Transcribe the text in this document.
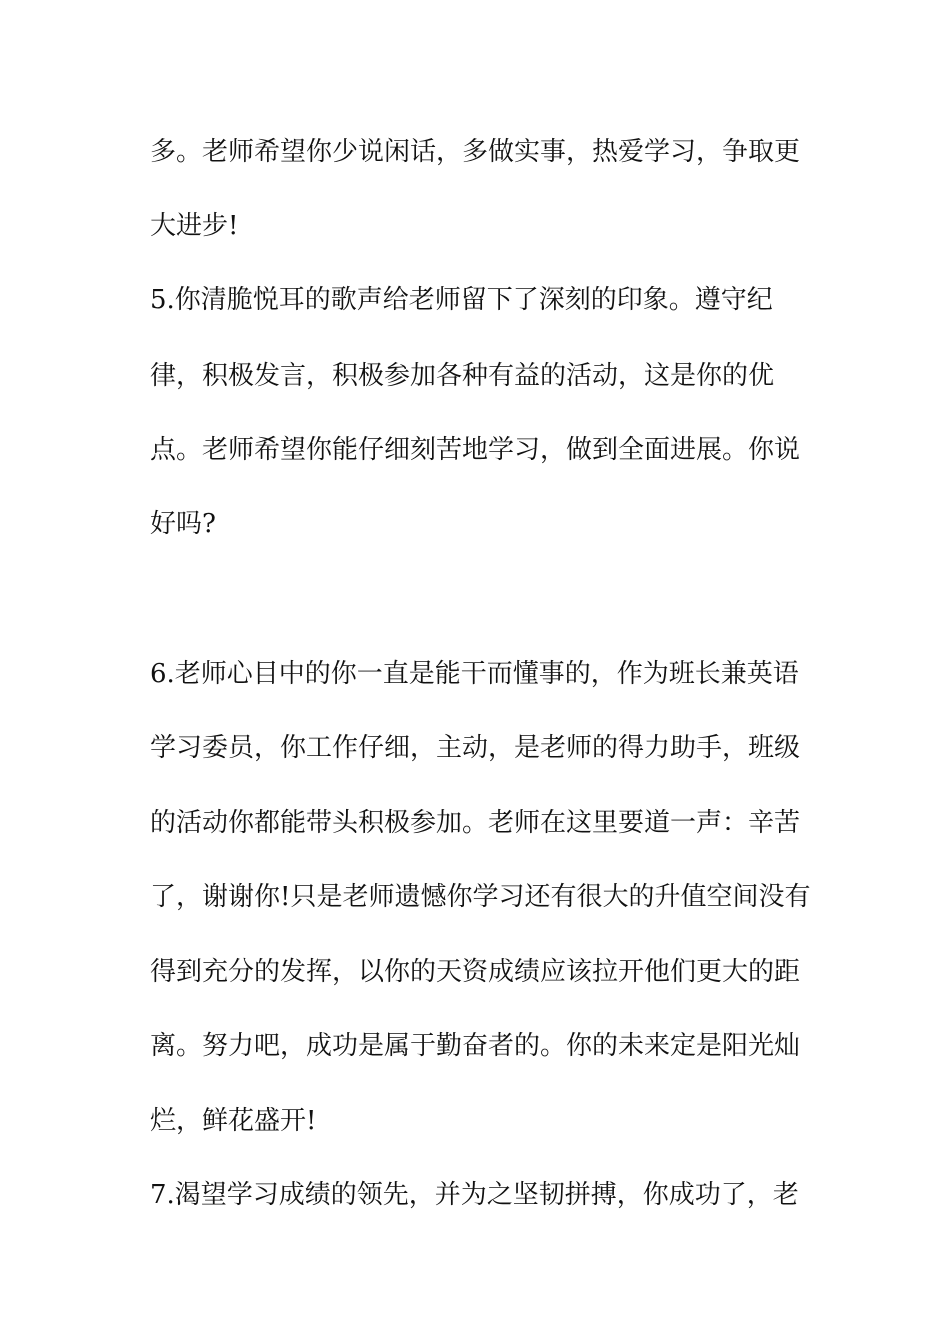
多。老师希望你少说闲话，多做实事，热爱学习，争取更
大进步!
5.你清脆悦耳的歌声给老师留下了深刻的印象。遵守纪
律，积极发言，积极参加各种有益的活动，这是你的优
点。老师希望你能仔细刻苦地学习，做到全面进展。你说
好吗?
6.老师心目中的你一直是能干而懂事的，作为班长兼英语
学习委员，你工作仔细，主动，是老师的得力助手，班级
的活动你都能带头积极参加。老师在这里要道一声：辛苦
了，谢谢你!只是老师遗憾你学习还有很大的升值空间没有
得到充分的发挥，以你的天资成绩应该拉开他们更大的距
离。努力吧，成功是属于勤奋者的。你的未来定是阳光灿
烂，鲜花盛开!
7.渴望学习成绩的领先，并为之坚韧拼搏，你成功了，老
